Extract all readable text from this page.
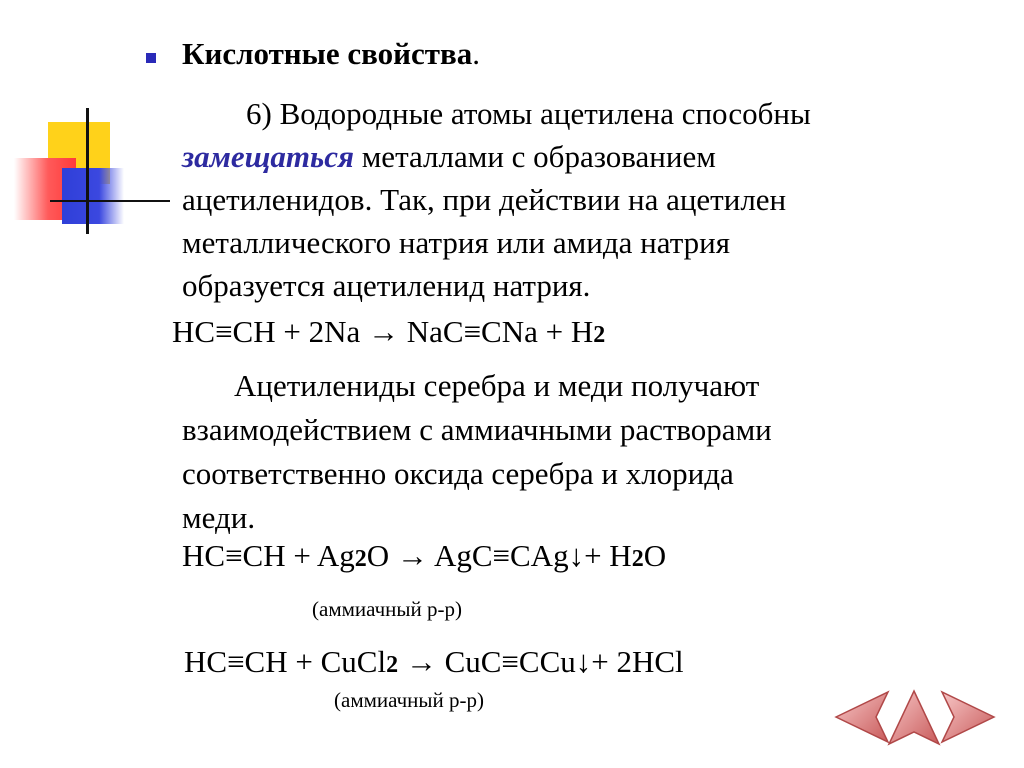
Кислотные свойства.
6) Водородные атомы ацетилена способны
замещаться металлами с образованием
ацетиленидов. Так, при действии на ацетилен
металлического натрия или амида натрия
образуется ацетиленид натрия.
HC≡CH + 2Na → NaC≡CNa + H2
Ацетилениды серебра и меди получают
взаимодействием с аммиачными растворами
соответственно оксида серебра и хлорида
меди.
HC≡CH + Ag2O → AgC≡CAg↓+ H2O
(аммиачный р-р)
HC≡CH + CuCl2 → CuC≡CCu↓+ 2HCl
(аммиачный р-р)
